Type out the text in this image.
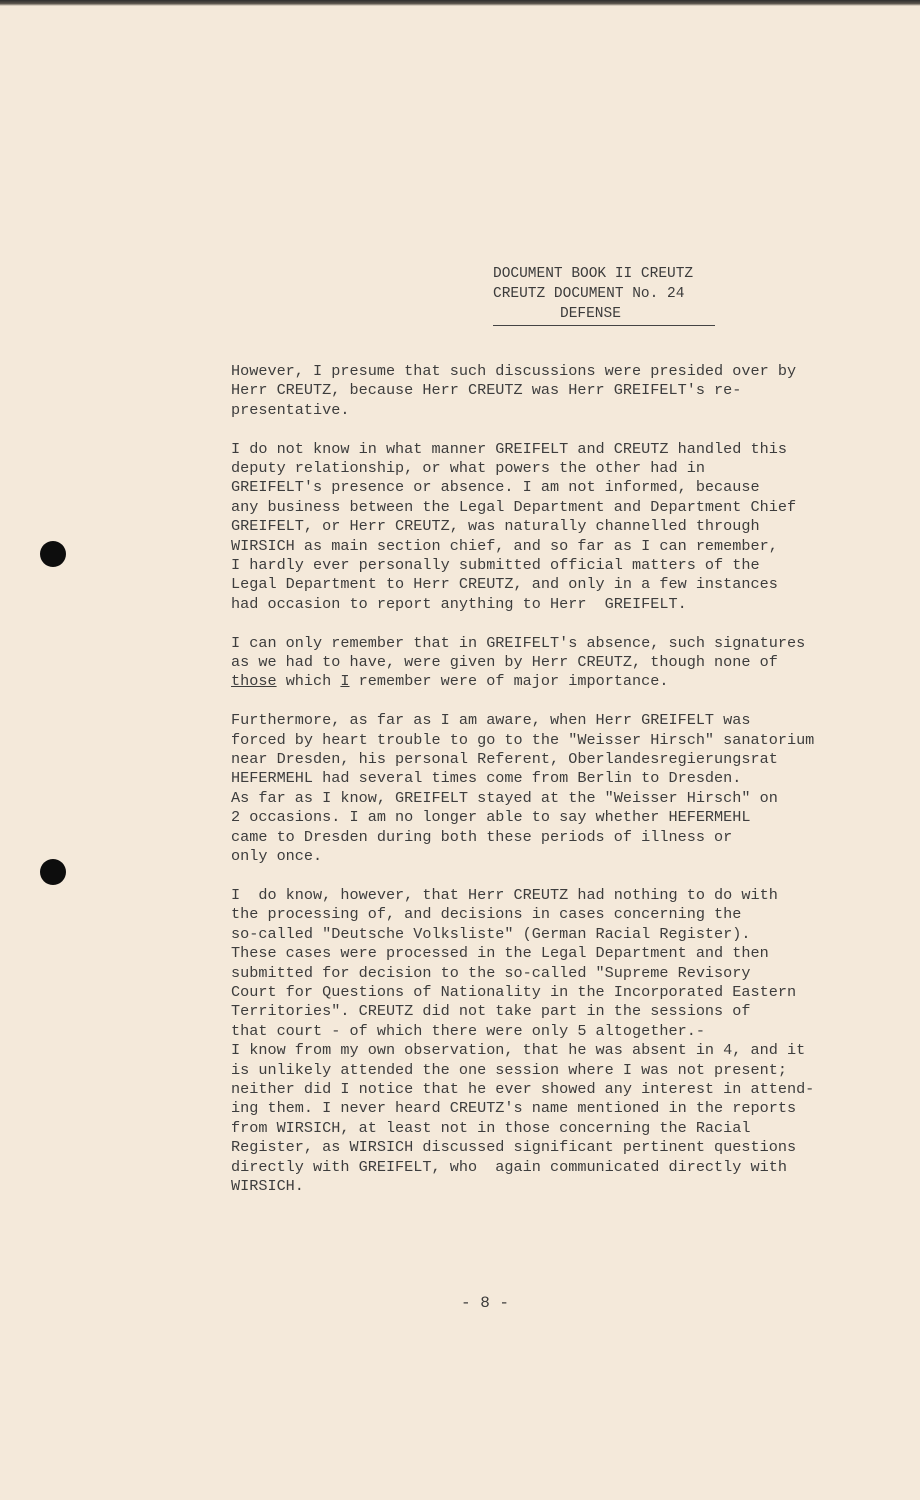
DOCUMENT BOOK II CREUTZ
CREUTZ DOCUMENT No. 24
DEFENSE
However, I presume that such discussions were presided over by
Herr CREUTZ, because Herr CREUTZ was Herr GREIFELT's re-
presentative.
I do not know in what manner GREIFELT and CREUTZ handled this
deputy relationship, or what powers the other had in
GREIFELT's presence or absence. I am not informed, because
any business between the Legal Department and Department Chief
GREIFELT, or Herr CREUTZ, was naturally channelled through
WIRSICH as main section chief, and so far as I can remember,
I hardly ever personally submitted official matters of the
Legal Department to Herr CREUTZ, and only in a few instances
had occasion to report anything to Herr  GREIFELT.
I can only remember that in GREIFELT's absence, such signatures
as we had to have, were given by Herr CREUTZ, though none of
those which I remember were of major importance.
Furthermore, as far as I am aware, when Herr GREIFELT was
forced by heart trouble to go to the "Weisser Hirsch" sanatorium
near Dresden, his personal Referent, Oberlandesregierungsrat
HEFERMEHL had several times come from Berlin to Dresden.
As far as I know, GREIFELT stayed at the "Weisser Hirsch" on
2 occasions. I am no longer able to say whether HEFERMEHL
came to Dresden during both these periods of illness or
only once.
I  do know, however, that Herr CREUTZ had nothing to do with
the processing of, and decisions in cases concerning the
so-called "Deutsche Volksliste" (German Racial Register).
These cases were processed in the Legal Department and then
submitted for decision to the so-called "Supreme Revisory
Court for Questions of Nationality in the Incorporated Eastern
Territories". CREUTZ did not take part in the sessions of
that court - of which there were only 5 altogether.-
I know from my own observation, that he was absent in 4, and it
is unlikely attended the one session where I was not present;
neither did I notice that he ever showed any interest in attend-
ing them. I never heard CREUTZ's name mentioned in the reports
from WIRSICH, at least not in those concerning the Racial
Register, as WIRSICH discussed significant pertinent questions
directly with GREIFELT, who  again communicated directly with
WIRSICH.
- 8 -
